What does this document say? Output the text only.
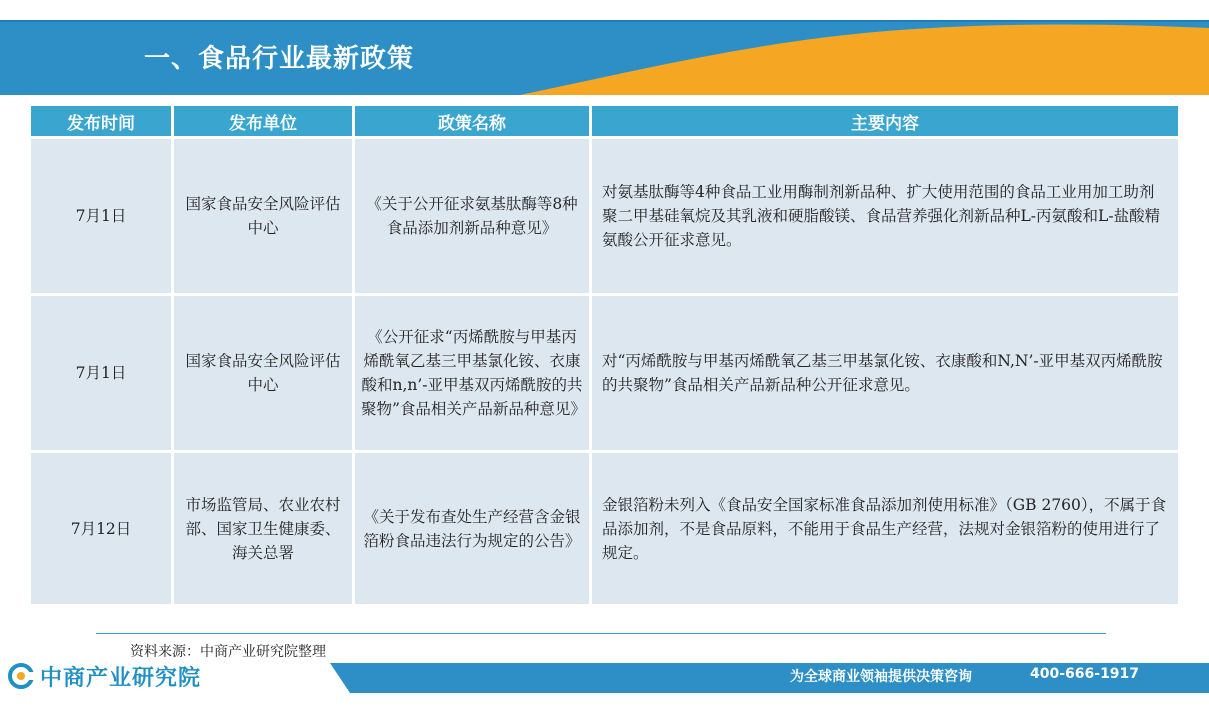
一、食品行业最新政策
发布时间	发布单位	政策名称	主要内容
7月1日	国家食品安全风险评估中心	《关于公开征求氨基肽酶等8种食品添加剂新品种意见》	对氨基肽酶等4种食品工业用酶制剂新品种、扩大使用范围的食品工业用加工助剂聚二甲基硅氧烷及其乳液和硬脂酸镁、食品营养强化剂新品种L-丙氨酸和L-盐酸精氨酸公开征求意见。
7月1日	国家食品安全风险评估中心	《公开征求“丙烯酰胺与甲基丙烯酰氧乙基三甲基氯化铵、衣康酸和n,n’-亚甲基双丙烯酰胺的共聚物”食品相关产品新品种意见》	对“丙烯酰胺与甲基丙烯酰氧乙基三甲基氯化铵、衣康酸和N,N’-亚甲基双丙烯酰胺的共聚物”食品相关产品新品种公开征求意见。
7月12日	市场监管局、农业农村部、国家卫生健康委、海关总署	《关于发布查处生产经营含金银箔粉食品违法行为规定的公告》	金银箔粉未列入《食品安全国家标准食品添加剂使用标准》（GB 2760），不属于食品添加剂，不是食品原料，不能用于食品生产经营，法规对金银箔粉的使用进行了规定。
资料来源：中商产业研究院整理
中商产业研究院	为全球商业领袖提供决策咨询	400-666-1917
